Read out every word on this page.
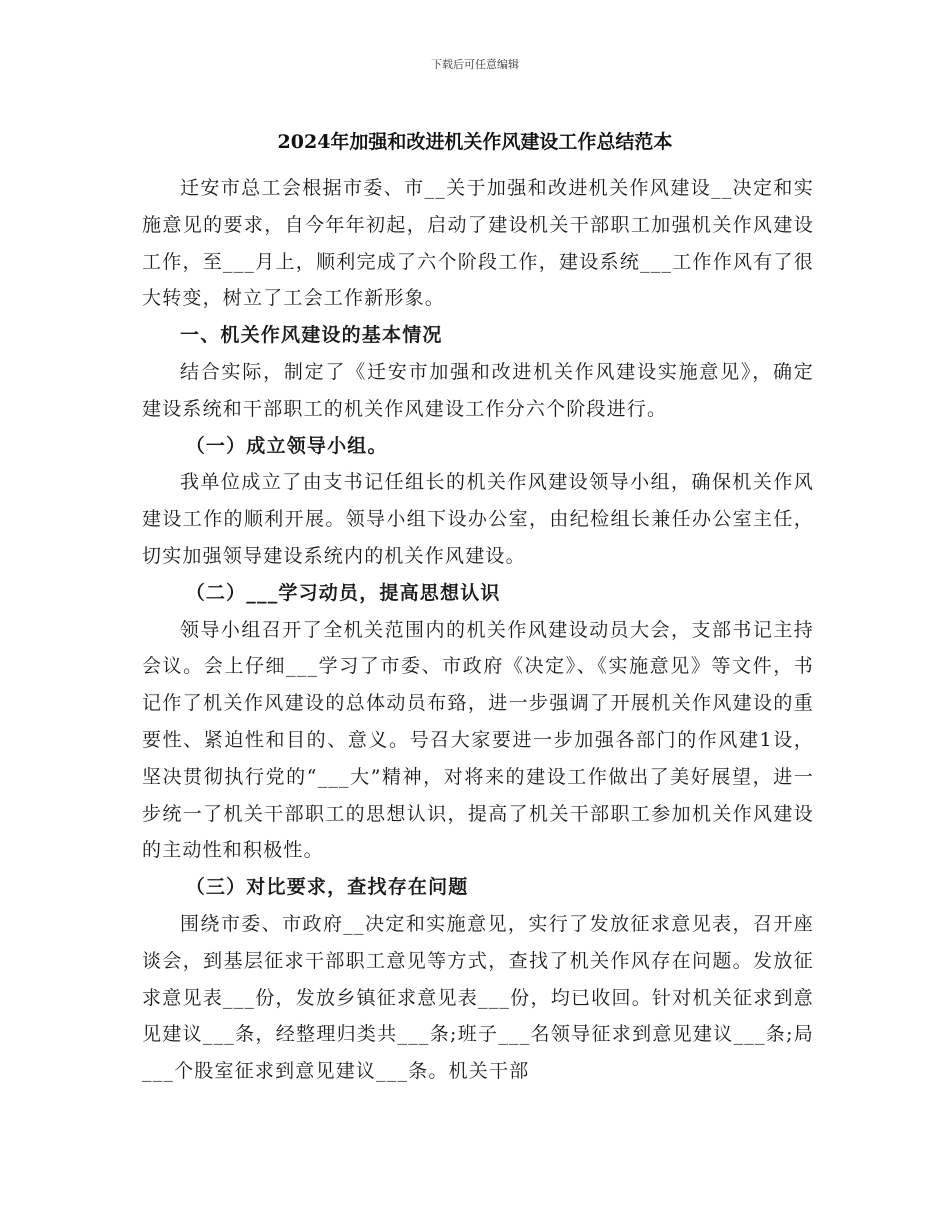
下载后可任意编辑
2024年加强和改进机关作风建设工作总结范本

迁安市总工会根据市委、市__关于加强和改进机关作风建设__决定和实施意见的要求，自今年年初起，启动了建设机关干部职工加强机关作风建设工作，至___月上，顺利完成了六个阶段工作，建设系统___工作作风有了很大转变，树立了工会工作新形象。

一、机关作风建设的基本情况

结合实际，制定了《迁安市加强和改进机关作风建设实施意见》，确定建设系统和干部职工的机关作风建设工作分六个阶段进行。

（一）成立领导小组。

我单位成立了由支书记任组长的机关作风建设领导小组，确保机关作风建设工作的顺利开展。领导小组下设办公室，由纪检组长兼任办公室主任，切实加强领导建设系统内的机关作风建设。

（二）___学习动员，提高思想认识

领导小组召开了全机关范围内的机关作风建设动员大会，支部书记主持会议。会上仔细___学习了市委、市政府《决定》、《实施意见》等文件，书记作了机关作风建设的总体动员布臵，进一步强调了开展机关作风建设的重要性、紧迫性和目的、意义。号召大家要进一步加强各部门的作风建1设，坚决贯彻执行党的“___大”精神，对将来的建设工作做出了美好展望，进一步统一了机关干部职工的思想认识，提高了机关干部职工参加机关作风建设的主动性和积极性。

（三）对比要求，查找存在问题

围绕市委、市政府__决定和实施意见，实行了发放征求意见表，召开座谈会，到基层征求干部职工意见等方式，查找了机关作风存在问题。发放征求意见表___份，发放乡镇征求意见表___份，均已收回。针对机关征求到意见建议___条，经整理归类共___条;班子___名领导征求到意见建议___条;局___个股室征求到意见建议___条。机关干部
